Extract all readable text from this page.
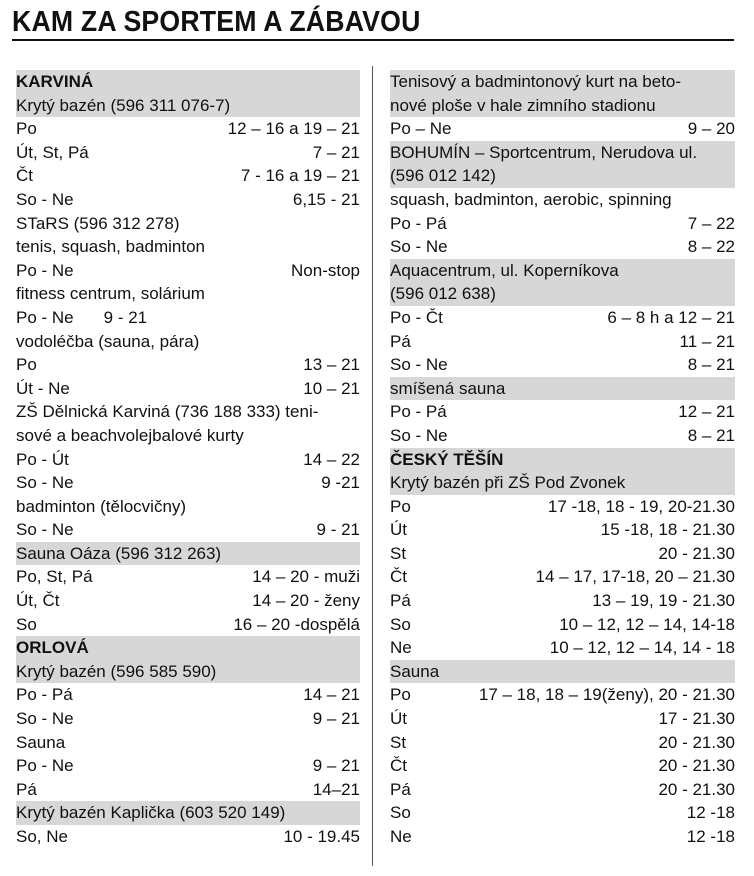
KAM ZA SPORTEM A ZÁBAVOU
KARVINÁ
Krytý bazén (596 311 076-7)
Po	12 – 16 a 19 – 21
Út, St, Pá	7 – 21
Čt	7 - 16 a 19 – 21
So - Ne	6,15 - 21
STaRS (596 312 278)
tenis, squash, badminton
Po - Ne	Non-stop
fitness centrum, solárium
Po - Ne 9 - 21
vodoléčba (sauna, pára)
Po	13 – 21
Út - Ne	10 – 21
ZŠ Dělnická Karviná (736 188 333) teni-
sové a beachvolejbalové kurty
Po - Út	14 – 22
So - Ne	9 -21
badminton (tělocvičny)
So - Ne	9 - 21
Sauna Oáza (596 312 263)
Po, St, Pá	14 – 20 - muži
Út, Čt	14 – 20 - ženy
So	16 – 20 -dospělá
ORLOVÁ
Krytý bazén (596 585 590)
Po - Pá	14 – 21
So - Ne	9 – 21
Sauna
Po - Ne	9 – 21
Pá	14–21
Krytý bazén Kaplička (603 520 149)
So, Ne	10 - 19.45
Tenisový a badmintonový kurt na beto-
nové ploše v hale zimního stadionu
Po – Ne	9 – 20
BOHUMÍN – Sportcentrum, Nerudova ul.
(596 012 142)
squash, badminton, aerobic, spinning
Po - Pá	7 – 22
So - Ne	8 – 22
Aquacentrum, ul. Koperníkova
(596 012 638)
Po - Čt	6 – 8 h a 12 – 21
Pá	11 – 21
So - Ne	8 – 21
smíšená sauna
Po - Pá	12 – 21
So - Ne	8 – 21
ČESKÝ TĚŠÍN
Krytý bazén při ZŠ Pod Zvonek
Po	17 -18, 18 - 19, 20-21.30
Út	15 -18, 18 - 21.30
St	20 - 21.30
Čt	14 – 17, 17-18, 20 – 21.30
Pá	13 – 19, 19 - 21.30
So	10 – 12, 12 – 14, 14-18
Ne	10 – 12, 12 – 14, 14 - 18
Sauna
Po	17 – 18, 18 – 19(ženy), 20 - 21.30
Út	17 - 21.30
St	20 - 21.30
Čt	20 - 21.30
Pá	20 - 21.30
So	12 -18
Ne	12 -18
